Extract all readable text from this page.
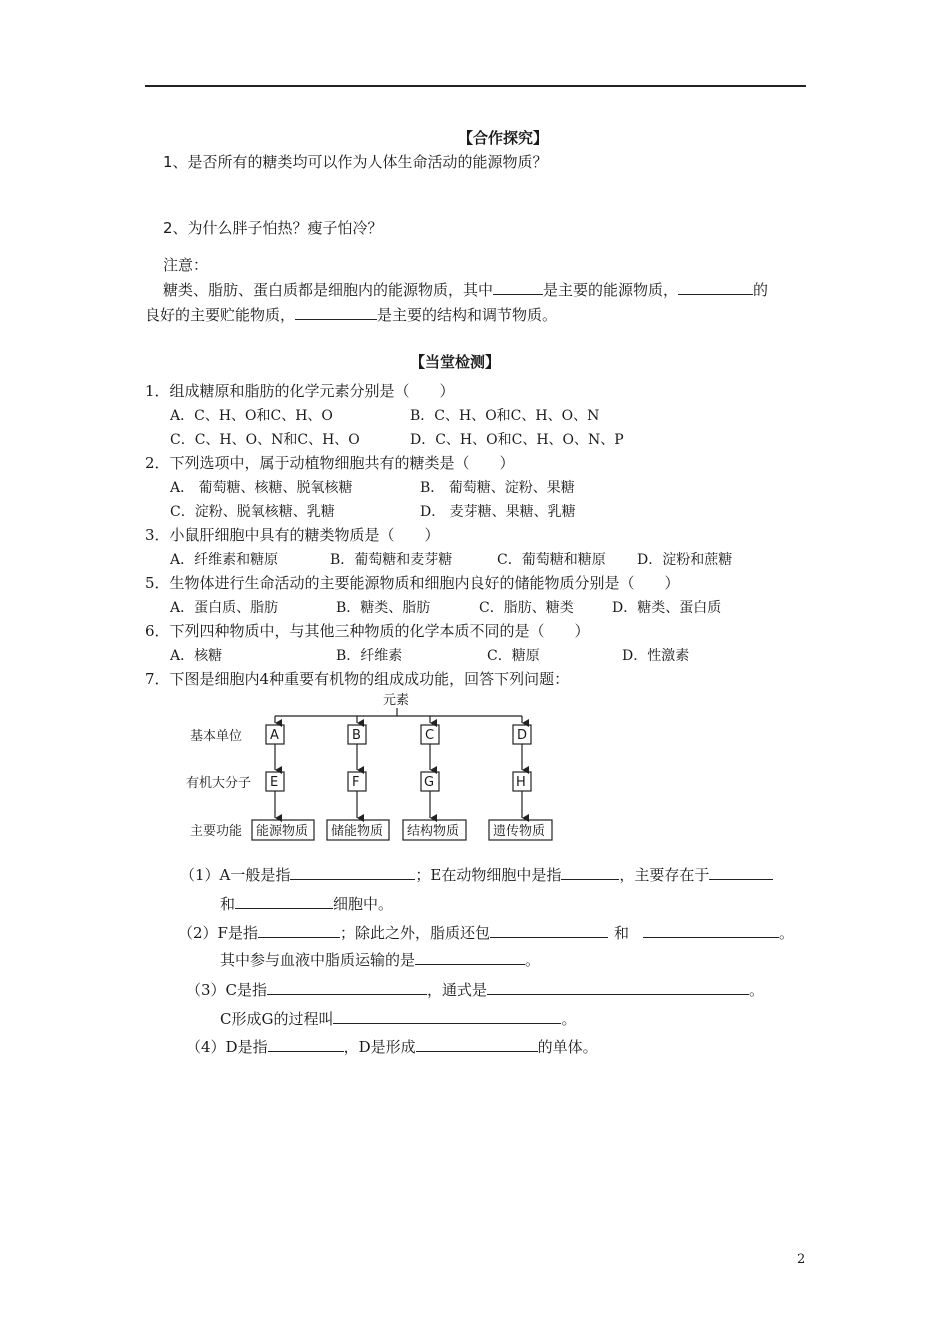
【合作探究】
1、是否所有的糖类均可以作为人体生命活动的能源物质？
2、为什么胖子怕热？瘦子怕冷？
注意：
糖类、脂肪、蛋白质都是细胞内的能源物质，其中	是主要的能源物质，	的
良好的主要贮能物质，	是主要的结构和调节物质。
【当堂检测】
1．组成糖原和脂肪的化学元素分别是（　　）
A．C、H、O和C、H、O	B．C、H、O和C、H、O、N
C．C、H、O、N和C、H、O	D．C、H、O和C、H、O、N、P
2．下列选项中，属于动植物细胞共有的糖类是（　　）
A． 葡萄糖、核糖、脱氧核糖	B． 葡萄糖、淀粉、果糖
C．淀粉、脱氧核糖、乳糖	D． 麦芽糖、果糖、乳糖
3．小鼠肝细胞中具有的糖类物质是（　　）
A．纤维素和糖原	B．葡萄糖和麦芽糖	C．葡萄糖和糖原 D．淀粉和蔗糖
5．生物体进行生命活动的主要能源物质和细胞内良好的储能物质分别是（　　）
A．蛋白质、脂肪	B．糖类、脂肪	C．脂肪、糖类	D．糖类、蛋白质
6．下列四种物质中，与其他三种物质的化学本质不同的是（　　）
A．核糖	B．纤维素	C．糖原	D．性激素
7．下图是细胞内4种重要有机物的组成成功能，回答下列问题：
元素
基本单位
有机大分子
主要功能
A	B	C	D
E	F	G	H
能源物质 储能物质 结构物质	遗传物质
（1）A一般是指	；E在动物细胞中是指	，主要存在于
和	细胞中。
（2）F是指	；除此之外，脂质还包	和	。
其中参与血液中脂质运输的是	。
（3）C是指	，通式是	。
C形成G的过程叫	。
（4）D是指	，D是形成	的单体。
2
